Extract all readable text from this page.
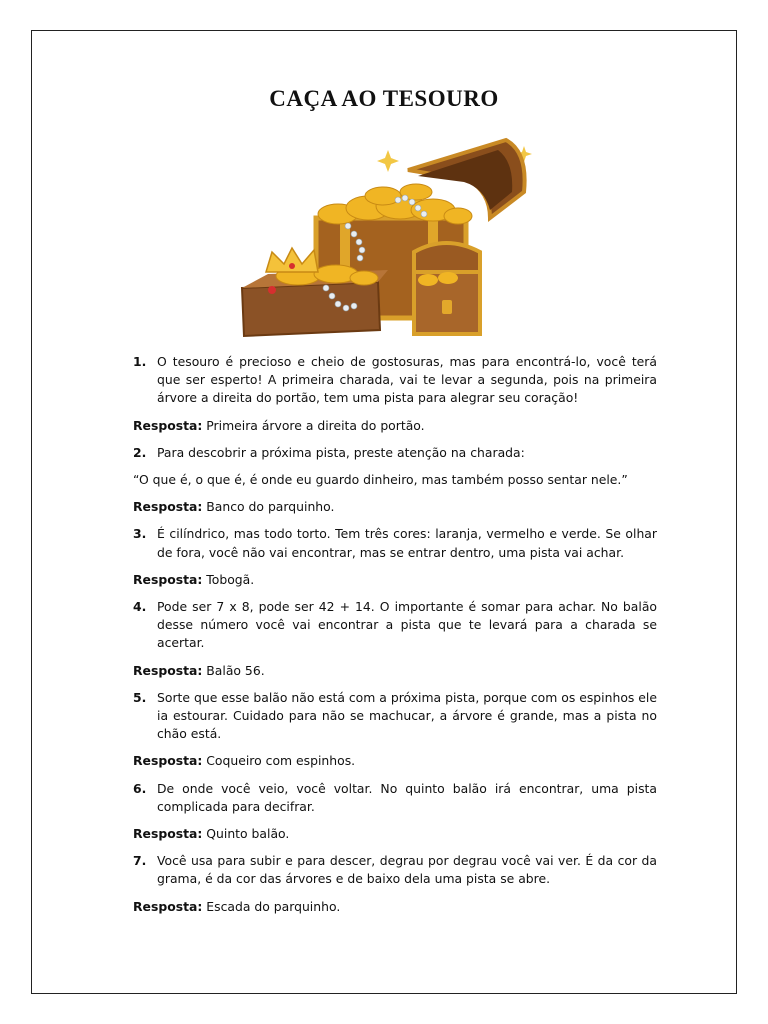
CAÇA AO TESOURO
1. O tesouro é precioso e cheio de gostosuras, mas para encontrá-lo, você terá que ser esperto! A primeira charada, vai te levar a segunda, pois na primeira árvore a direita do portão, tem uma pista para alegrar seu coração!
Resposta: Primeira árvore a direita do portão.
2. Para descobrir a próxima pista, preste atenção na charada:
“O que é, o que é, é onde eu guardo dinheiro, mas também posso sentar nele.”
Resposta: Banco do parquinho.
3. É cilíndrico, mas todo torto. Tem três cores: laranja, vermelho e verde. Se olhar de fora, você não vai encontrar, mas se entrar dentro, uma pista vai achar.
Resposta: Tobogã.
4. Pode ser 7 x 8, pode ser 42 + 14. O importante é somar para achar. No balão desse número você vai encontrar a pista que te levará para a charada se acertar.
Resposta: Balão 56.
5. Sorte que esse balão não está com a próxima pista, porque com os espinhos ele ia estourar. Cuidado para não se machucar, a árvore é grande, mas a pista no chão está.
Resposta: Coqueiro com espinhos.
6. De onde você veio, você voltar. No quinto balão irá encontrar, uma pista complicada para decifrar.
Resposta: Quinto balão.
7. Você usa para subir e para descer, degrau por degrau você vai ver. É da cor da grama, é da cor das árvores e de baixo dela uma pista se abre.
Resposta: Escada do parquinho.
